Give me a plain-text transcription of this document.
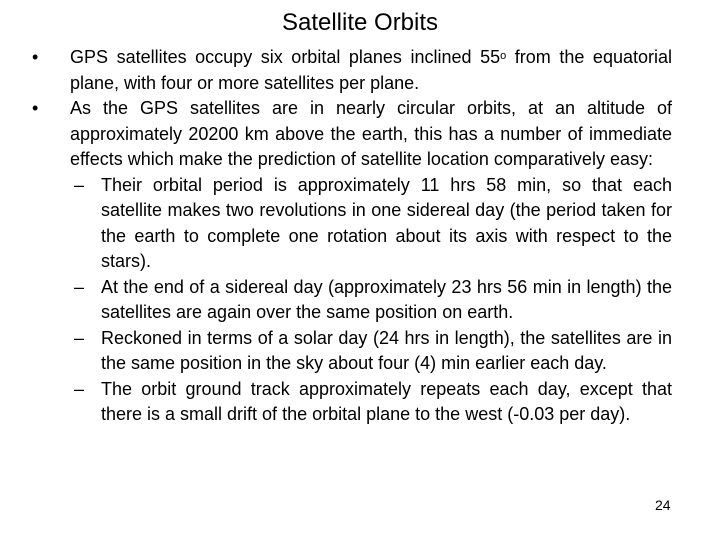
Satellite Orbits

• GPS satellites occupy six orbital planes inclined 55$^o$ from the equatorial plane, with four or more satellites per plane.

• As the GPS satellites are in nearly circular orbits, at an altitude of approximately 20200 km above the earth, this has a number of immediate effects which make the prediction of satellite location comparatively easy:

– Their orbital period is approximately 11 hrs 58 min, so that each satellite makes two revolutions in one sidereal day (the period taken for the earth to complete one rotation about its axis with respect to the stars).

– At the end of a sidereal day (approximately 23 hrs 56 min in length) the satellites are again over the same position on earth.

– Reckoned in terms of a solar day (24 hrs in length), the satellites are in the same position in the sky about four (4) min earlier each day.

– The orbit ground track approximately repeats each day, except that there is a small drift of the orbital plane to the west (-0.03 per day).

24
